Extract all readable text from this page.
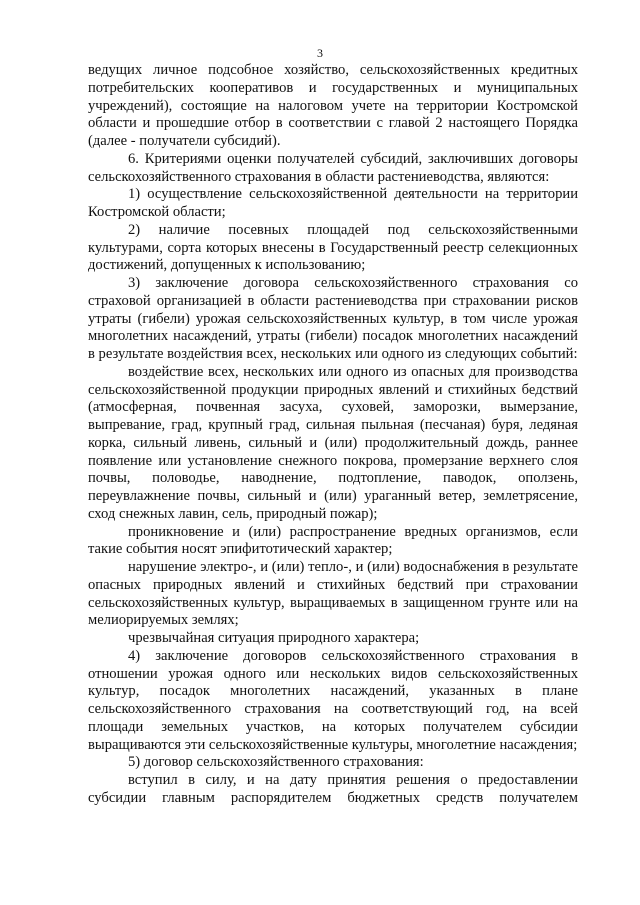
3

ведущих личное подсобное хозяйство, сельскохозяйственных кредитных потребительских кооперативов и государственных и муниципальных учреждений), состоящие на налоговом учете на территории Костромской области и прошедшие отбор в соответствии с главой 2 настоящего Порядка (далее - получатели субсидий).

6. Критериями оценки получателей субсидий, заключивших договоры сельскохозяйственного страхования в области растениеводства, являются:

1) осуществление сельскохозяйственной деятельности на территории Костромской области;

2) наличие посевных площадей под сельскохозяйственными культурами, сорта которых внесены в Государственный реестр селекционных достижений, допущенных к использованию;

3) заключение договора сельскохозяйственного страхования со страховой организацией в области растениеводства при страховании рисков утраты (гибели) урожая сельскохозяйственных культур, в том числе урожая многолетних насаждений, утраты (гибели) посадок многолетних насаждений в результате воздействия всех, нескольких или одного из следующих событий:

воздействие всех, нескольких или одного из опасных для производства сельскохозяйственной продукции природных явлений и стихийных бедствий (атмосферная, почвенная засуха, суховей, заморозки, вымерзание, выпревание, град, крупный град, сильная пыльная (песчаная) буря, ледяная корка, сильный ливень, сильный и (или) продолжительный дождь, раннее появление или установление снежного покрова, промерзание верхнего слоя почвы, половодье, наводнение, подтопление, паводок, оползень, переувлажнение почвы, сильный и (или) ураганный ветер, землетрясение, сход снежных лавин, сель, природный пожар);

проникновение и (или) распространение вредных организмов, если такие события носят эпифитотический характер;

нарушение электро-, и (или) тепло-, и (или) водоснабжения в результате опасных природных явлений и стихийных бедствий при страховании сельскохозяйственных культур, выращиваемых в защищенном грунте или на мелиорируемых землях;

чрезвычайная ситуация природного характера;

4) заключение договоров сельскохозяйственного страхования в отношении урожая одного или нескольких видов сельскохозяйственных культур, посадок многолетних насаждений, указанных в плане сельскохозяйственного страхования на соответствующий год, на всей площади земельных участков, на которых получателем субсидии выращиваются эти сельскохозяйственные культуры, многолетние насаждения;

5) договор сельскохозяйственного страхования:

вступил в силу, и на дату принятия решения о предоставлении субсидии главным распорядителем бюджетных средств получателем
